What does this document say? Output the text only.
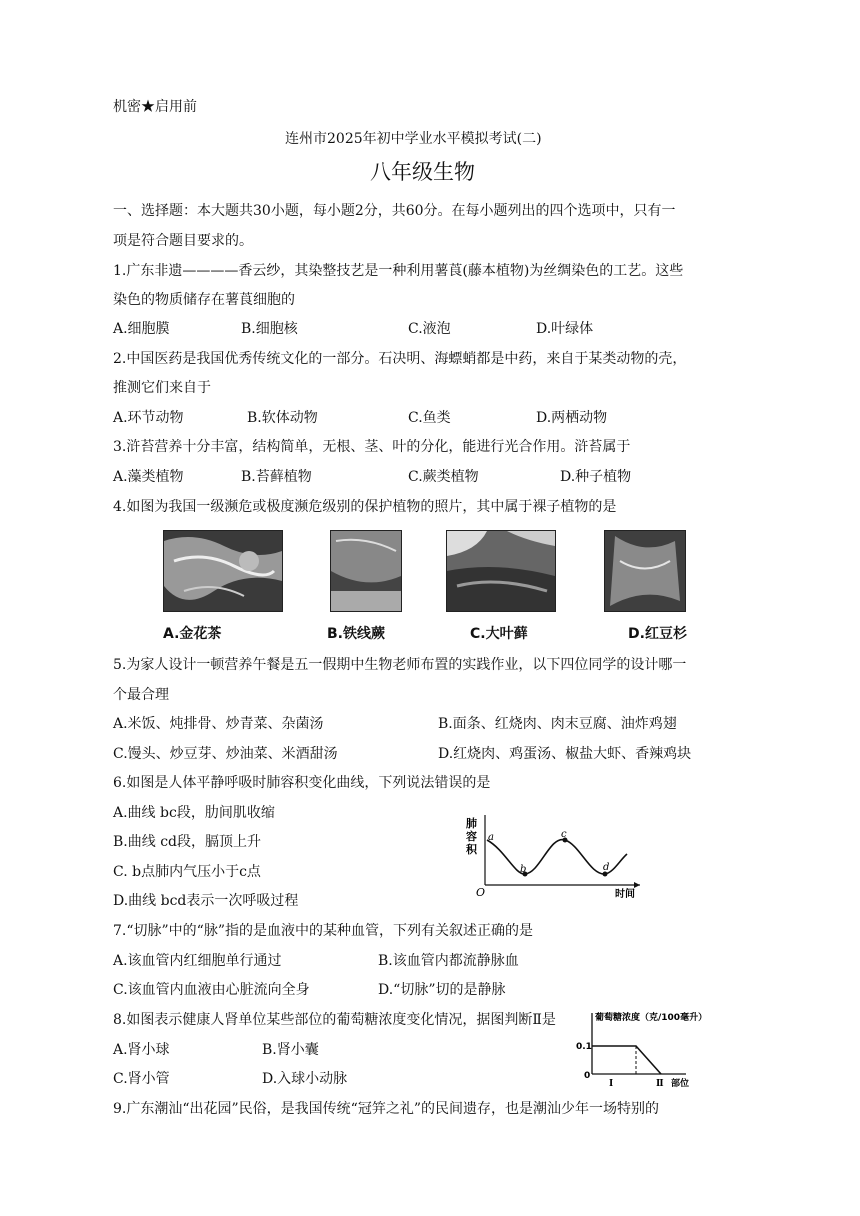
机密★启用前
连州市2025年初中学业水平模拟考试(二)
八年级生物
一、选择题：本大题共30小题，每小题2分，共60分。在每小题列出的四个选项中，只有一
项是符合题目要求的。
1.广东非遗————香云纱，其染整技艺是一种利用薯莨(藤本植物)为丝绸染色的工艺。这些
染色的物质储存在薯莨细胞的
A.细胞膜	B.细胞核	C.液泡	D.叶绿体
2.中国医药是我国优秀传统文化的一部分。石决明、海螵蛸都是中药，来自于某类动物的壳，
推测它们来自于
A.环节动物	B.软体动物	C.鱼类	D.两栖动物
3.浒苔营养十分丰富，结构简单，无根、茎、叶的分化，能进行光合作用。浒苔属于
A.藻类植物	B.苔藓植物	C.蕨类植物	D.种子植物
4.如图为我国一级濒危或极度濒危级别的保护植物的照片，其中属于裸子植物的是
A.金花茶	B.铁线蕨	C.大叶藓	D.红豆杉
5.为家人设计一顿营养午餐是五一假期中生物老师布置的实践作业，以下四位同学的设计哪一
个最合理
A.米饭、炖排骨、炒青菜、杂菌汤	B.面条、红烧肉、肉末豆腐、油炸鸡翅
C.馒头、炒豆芽、炒油菜、米酒甜汤	D.红烧肉、鸡蛋汤、椒盐大虾、香辣鸡块
6.如图是人体平静呼吸时肺容积变化曲线，下列说法错误的是
A.曲线 bc段，肋间肌收缩
B.曲线 cd段，膈顶上升
C. b点肺内气压小于c点
D.曲线 bcd表示一次呼吸过程
肺
容
积
a
b
c
d
O	时间
7.“切脉”中的“脉”指的是血液中的某种血管，下列有关叙述正确的是
A.该血管内红细胞单行通过	B.该血管内都流静脉血
C.该血管内血液由心脏流向全身	D.“切脉”切的是静脉
8.如图表示健康人肾单位某些部位的葡萄糖浓度变化情况，据图判断Ⅱ是
A.肾小球	B.肾小囊
C.肾小管	D.入球小动脉
葡萄糖浓度（克/100毫升）
0.1
0
Ⅰ	Ⅱ 部位
9.广东潮汕“出花园”民俗，是我国传统“冠笄之礼”的民间遗存，也是潮汕少年一场特别的
